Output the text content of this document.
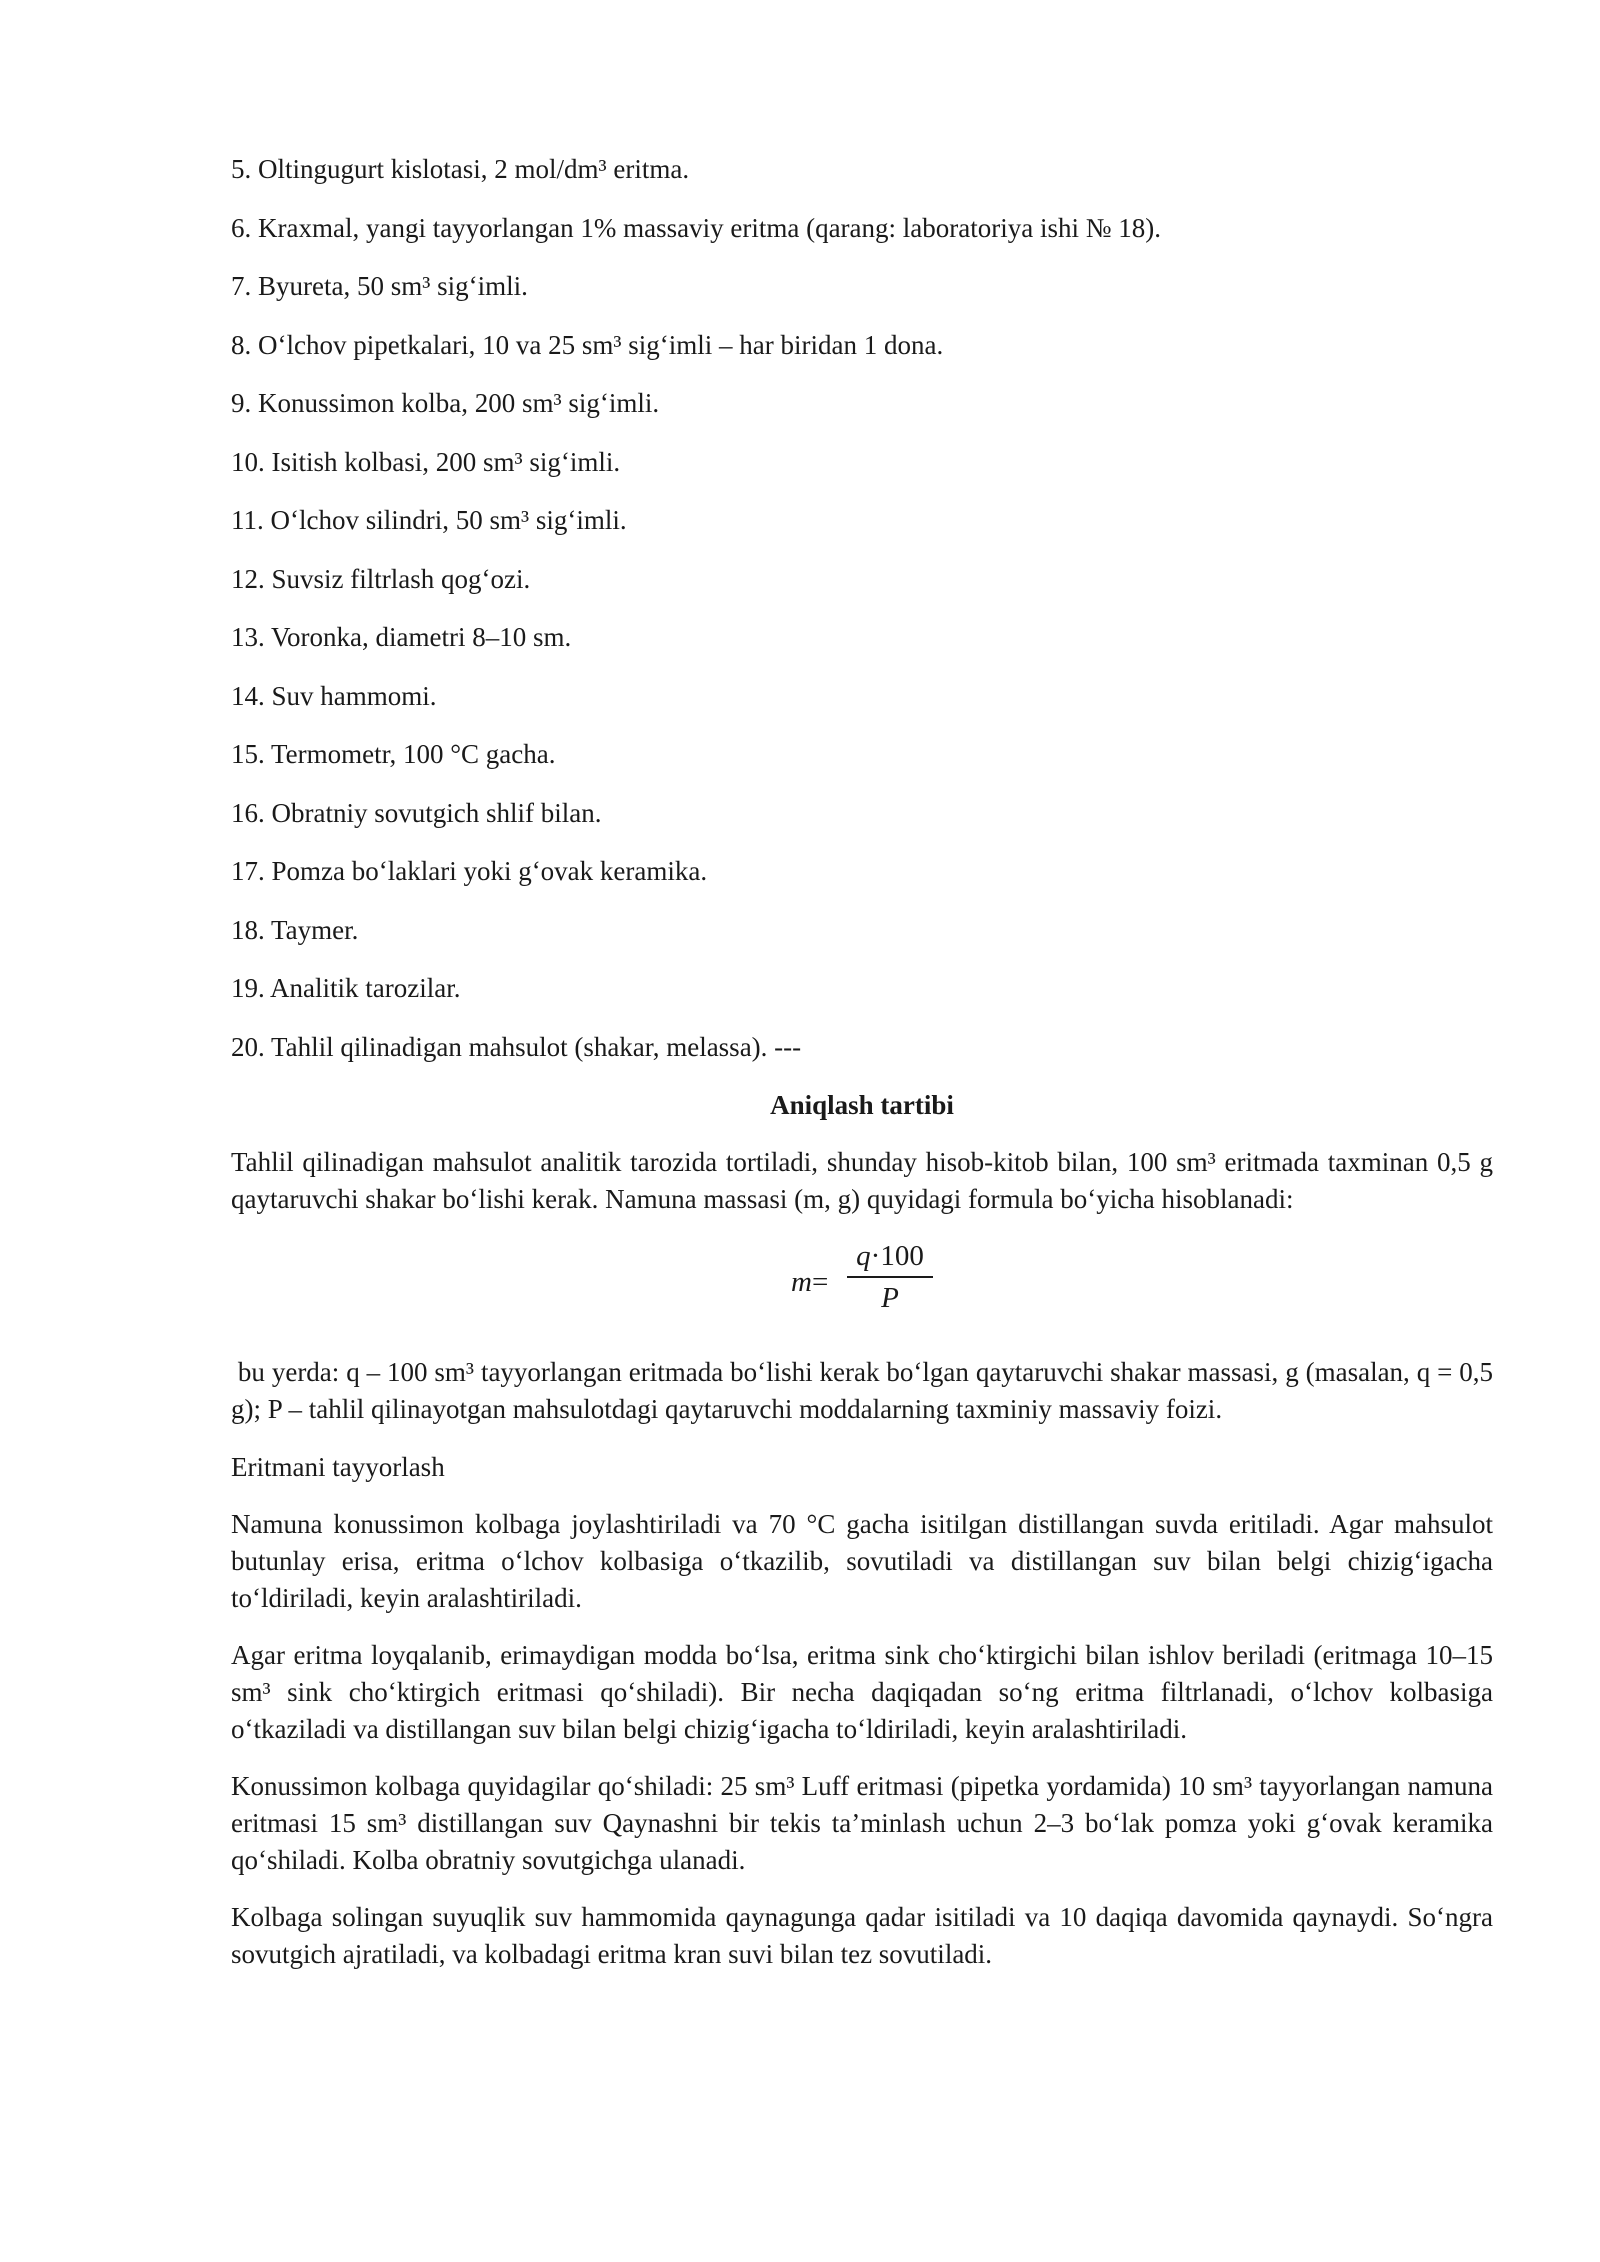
5. Oltingugurt kislotasi, 2 mol/dm³ eritma.
6. Kraxmal, yangi tayyorlangan 1% massaviy eritma (qarang: laboratoriya ishi № 18).
7. Byureta, 50 sm³ sig‘imli.
8. O‘lchov pipetkalari, 10 va 25 sm³ sig‘imli – har biridan 1 dona.
9. Konussimon kolba, 200 sm³ sig‘imli.
10. Isitish kolbasi, 200 sm³ sig‘imli.
11. O‘lchov silindri, 50 sm³ sig‘imli.
12. Suvsiz filtrlash qog‘ozi.
13. Voronka, diametri 8–10 sm.
14. Suv hammomi.
15. Termometr, 100 °C gacha.
16. Obratniy sovutgich shlif bilan.
17. Pomza bo‘laklari yoki g‘ovak keramika.
18. Taymer.
19. Analitik tarozilar.
20. Tahlil qilinadigan mahsulot (shakar, melassa). ---
Aniqlash tartibi

Tahlil qilinadigan mahsulot analitik tarozida tortiladi, shunday hisob-kitob bilan, 100 sm³ eritmada taxminan 0,5 g qaytaruvchi shakar bo‘lishi kerak. Namuna massasi (m, g) quyidagi formula bo‘yicha hisoblanadi:

m=
q·100
P

bu yerda: q – 100 sm³ tayyorlangan eritmada bo‘lishi kerak bo‘lgan qaytaruvchi shakar massasi, g (masalan, q = 0,5 g); P – tahlil qilinayotgan mahsulotdagi qaytaruvchi moddalarning taxminiy massaviy foizi.

Eritmani tayyorlash

Namuna konussimon kolbaga joylashtiriladi va 70 °C gacha isitilgan distillangan suvda eritiladi. Agar mahsulot butunlay erisa, eritma o‘lchov kolbasiga o‘tkazilib, sovutiladi va distillangan suv bilan belgi chizig‘igacha to‘ldiriladi, keyin aralashtiriladi.

Agar eritma loyqalanib, erimaydigan modda bo‘lsa, eritma sink cho‘ktirgichi bilan ishlov beriladi (eritmaga 10–15 sm³ sink cho‘ktirgich eritmasi qo‘shiladi). Bir necha daqiqadan so‘ng eritma filtrlanadi, o‘lchov kolbasiga o‘tkaziladi va distillangan suv bilan belgi chizig‘igacha to‘ldiriladi, keyin aralashtiriladi.

Konussimon kolbaga quyidagilar qo‘shiladi: 25 sm³ Luff eritmasi (pipetka yordamida) 10 sm³ tayyorlangan namuna eritmasi 15 sm³ distillangan suv Qaynashni bir tekis ta’minlash uchun 2–3 bo‘lak pomza yoki g‘ovak keramika qo‘shiladi. Kolba obratniy sovutgichga ulanadi.

Kolbaga solingan suyuqlik suv hammomida qaynagunga qadar isitiladi va 10 daqiqa davomida qaynaydi. So‘ngra sovutgich ajratiladi, va kolbadagi eritma kran suvi bilan tez sovutiladi.
